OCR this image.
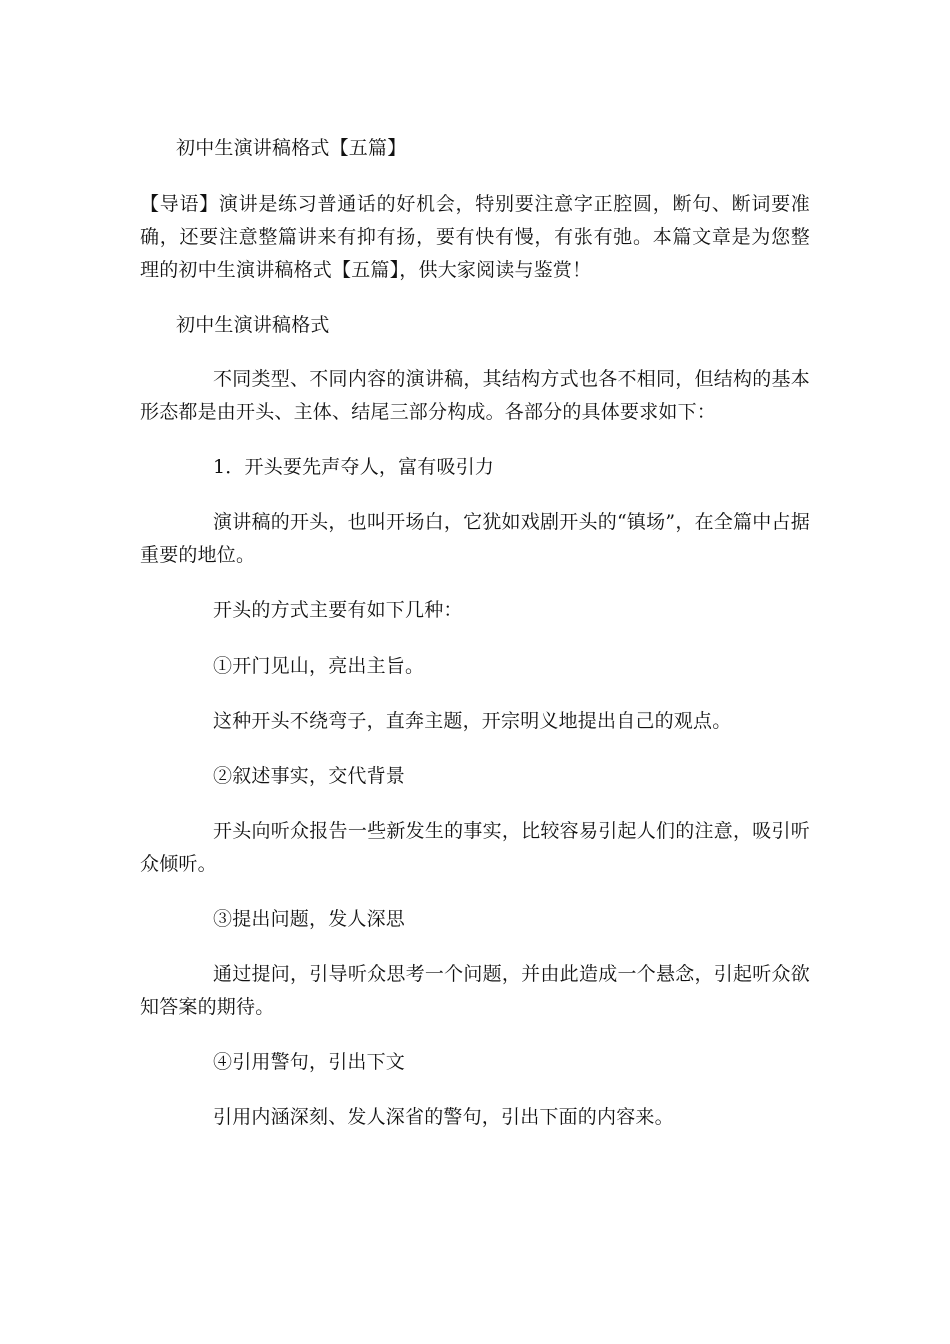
初中生演讲稿格式【五篇】

【导语】演讲是练习普通话的好机会，特别要注意字正腔圆，断句、断词要准确，还要注意整篇讲来有抑有扬，要有快有慢，有张有弛。本篇文章是为您整理的初中生演讲稿格式【五篇】，供大家阅读与鉴赏！

初中生演讲稿格式

不同类型、不同内容的演讲稿，其结构方式也各不相同，但结构的基本形态都是由开头、主体、结尾三部分构成。各部分的具体要求如下：

1．开头要先声夺人，富有吸引力

演讲稿的开头，也叫开场白，它犹如戏剧开头的“镇场”，在全篇中占据重要的地位。

开头的方式主要有如下几种：

①开门见山，亮出主旨。

这种开头不绕弯子，直奔主题，开宗明义地提出自己的观点。

②叙述事实，交代背景

开头向听众报告一些新发生的事实，比较容易引起人们的注意，吸引听众倾听。

③提出问题，发人深思

通过提问，引导听众思考一个问题，并由此造成一个悬念，引起听众欲知答案的期待。

④引用警句，引出下文

引用内涵深刻、发人深省的警句，引出下面的内容来。
